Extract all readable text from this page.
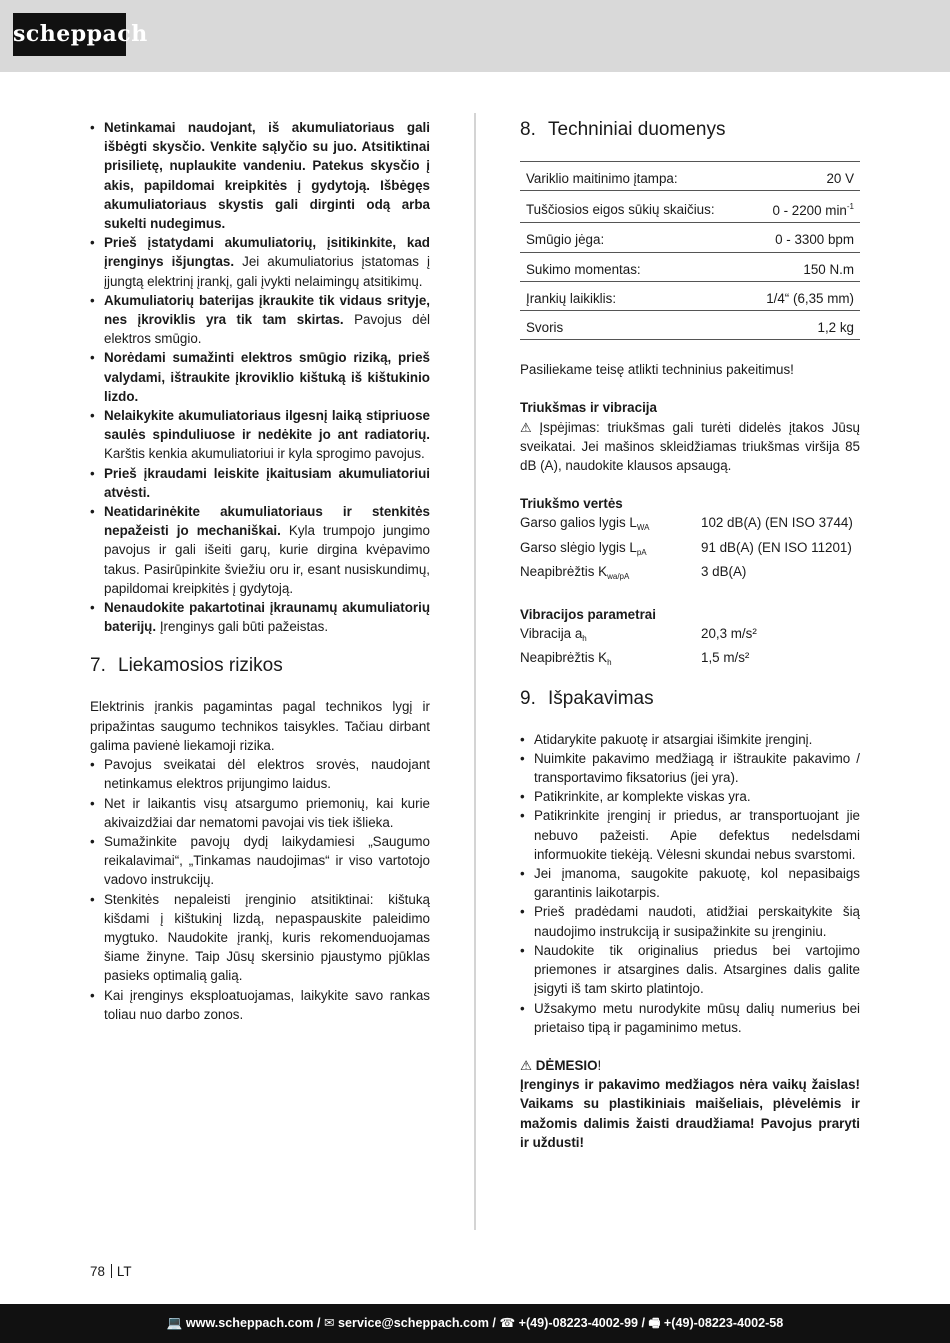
scheppach
• Netinkamai naudojant, iš akumuliatoriaus gali išbėgti skysčio. Venkite sąlyčio su juo. Atsitiktinai prisilietę, nuplaukite vandeniu. Patekus skysčio į akis, papildomai kreipkitės į gydytoją. Išbėgęs akumuliatoriaus skystis gali dirginti odą arba sukelti nudegimus.
• Prieš įstatydami akumuliatorių, įsitikinkite, kad įrenginys išjungtas. Jei akumuliatorius įstatomas į įjungtą elektrinį įrankį, gali įvykti nelaimingų atsitikimų.
• Akumuliatorių baterijas įkraukite tik vidaus srityje, nes įkroviklis yra tik tam skirtas. Pavojus dėl elektros smūgio.
• Norėdami sumažinti elektros smūgio riziką, prieš valydami, ištraukite įkroviklio kištuką iš kištukinio lizdo.
• Nelaikykite akumuliatoriaus ilgesnį laiką stipriuose saulės spinduliuose ir nedėkite jo ant radiatorių. Karštis kenkia akumuliatoriui ir kyla sprogimo pavojus.
• Prieš įkraudami leiskite įkaitusiam akumuliatoriui atvėsti.
• Neatidarinėkite akumuliatoriaus ir stenkitės nepažeisti jo mechaniškai. Kyla trumpojo jungimo pavojus ir gali išeiti garų, kurie dirgina kvėpavimo takus. Pasirūpinkite šviežiu oru ir, esant nusiskundimų, papildomai kreipkitės į gydytoją.
• Nenaudokite pakartotinai įkraunamų akumuliatorių baterijų. Įrenginys gali būti pažeistas.
7. Liekamosios rizikos

Elektrinis įrankis pagamintas pagal technikos lygį ir pripažintas saugumo technikos taisykles. Tačiau dirbant galima pavienė liekamoji rizika.

• Pavojus sveikatai dėl elektros srovės, naudojant netinkamus elektros prijungimo laidus.
• Net ir laikantis visų atsargumo priemonių, kai kurie akivaizdžiai dar nematomi pavojai vis tiek išlieka.
• Sumažinkite pavojų dydį laikydamiesi „Saugumo reikalavimai“, „Tinkamas naudojimas“ ir viso vartotojo vadovo instrukcijų.
• Stenkitės nepaleisti įrenginio atsitiktinai: kištuką kišdami į kištukinį lizdą, nepaspauskite paleidimo mygtuko. Naudokite įrankį, kuris rekomenduojamas šiame žinyne. Taip Jūsų skersinio pjaustymo pjūklas pasieks optimalią galią.
• Kai įrenginys eksploatuojamas, laikykite savo rankas toliau nuo darbo zonos.
8. Techniniai duomenys
Variklio maitinimo įtampa:	20 V
Tuščiosios eigos sūkių skaičius:	0 - 2200 $\min^{-1}$
Smūgio jėga:	0 - 3300 bpm
Sukimo momentas:	150 N.m
Įrankių laikiklis:	1/4“ (6,35 mm)
Svoris	1,2 kg

Pasiliekame teisę atlikti techninius pakeitimus!

Triukšmas ir vibracija

⚠ Įspėjimas: triukšmas gali turėti didelės įtakos Jūsų sveikatai. Jei mašinos skleidžiamas triukšmas viršija 85 dB (A), naudokite klausos apsaugą.

Triukšmo vertės

Garso galios lygis $L_{WA}$	102 dB(A) (EN ISO 3744)
Garso slėgio lygis $L_{pA}$	91 dB(A) (EN ISO 11201)
Neapibrėžtis $K_{wa/pA}$	3 dB(A)

Vibracijos parametrai

Vibracija $a_h$	20,3 m/s²
Neapibrėžtis $K_h$	1,5 m/s²
9. Išpakavimas
• Atidarykite pakuotę ir atsargiai išimkite įrenginį.
• Nuimkite pakavimo medžiagą ir ištraukite pakavimo / transportavimo fiksatorius (jei yra).
• Patikrinkite, ar komplekte viskas yra.
• Patikrinkite įrenginį ir priedus, ar transportuojant jie nebuvo pažeisti. Apie defektus nedelsdami informuokite tiekėją. Vėlesni skundai nebus svarstomi.
• Jei įmanoma, saugokite pakuotę, kol nepasibaigs garantinis laikotarpis.
• Prieš pradėdami naudoti, atidžiai perskaitykite šią naudojimo instrukciją ir susipažinkite su įrenginiu.
• Naudokite tik originalius priedus bei vartojimo priemones ir atsargines dalis. Atsargines dalis galite įsigyti iš tam skirto platintojo.
• Užsakymo metu nurodykite mūsų dalių numerius bei prietaiso tipą ir pagaminimo metus.

⚠ DĖMESIO!

Įrenginys ir pakavimo medžiagos nėra vaikų žaislas! Vaikams su plastikiniais maišeliais, plėvelėmis ir mažomis dalimis žaisti draudžiama! Pavojus praryti ir uždusti!

78 LT
💻 www.scheppach.com / ✉ service@scheppach.com / ☎ +(49)-08223-4002-99 / 🖷 +(49)-08223-4002-58
